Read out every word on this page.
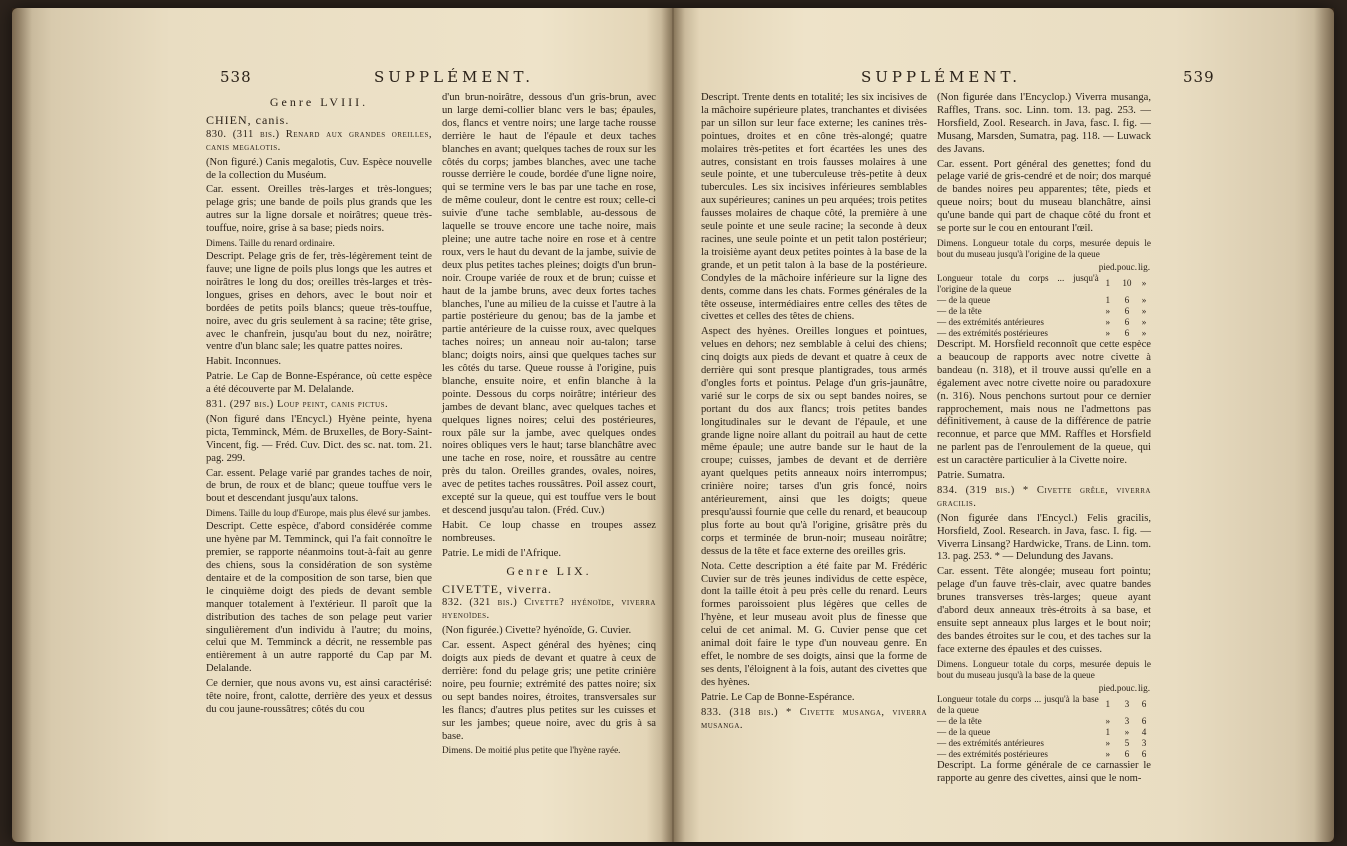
538	SUPPLÉMENT.

Genre LVIII.

CHIEN, canis.

830. (311 bis.) Renard aux grandes oreilles, canis megalotis.

(Non figuré.) Canis megalotis, Cuv. Espèce nouvelle de la collection du Muséum.

Car. essent. Oreilles très-larges et très-longues; pelage gris; une bande de poils plus grands que les autres sur la ligne dorsale et noirâtres; queue très-touffue, noire, grise à sa base; pieds noirs.

Dimens. Taille du renard ordinaire.

Descript. Pelage gris de fer, très-légèrement teint de fauve; une ligne de poils plus longs que les autres et noirâtres le long du dos; oreilles très-larges et très-longues, grises en dehors, avec le bout noir et bordées de petits poils blancs; queue très-touffue, noire, avec du gris seulement à sa racine; tête grise, avec le chanfrein, jusqu'au bout du nez, noirâtre; ventre d'un blanc sale; les quatre pattes noires.

Habit. Inconnues.

Patrie. Le Cap de Bonne-Espérance, où cette espèce a été découverte par M. Delalande.

831. (297 bis.) Loup peint, canis pictus.

(Non figuré dans l'Encycl.) Hyène peinte, hyena picta, Temminck, Mém. de Bruxelles, de Bory-Saint-Vincent, fig. — Fréd. Cuv. Dict. des sc. nat. tom. 21. pag. 299.

Car. essent. Pelage varié par grandes taches de noir, de brun, de roux et de blanc; queue touffue vers le bout et descendant jusqu'aux talons.

Dimens. Taille du loup d'Europe, mais plus élevé sur jambes.

Descript. Cette espèce, d'abord considérée comme une hyène par M. Temminck, qui l'a fait connoître le premier, se rapporte néanmoins tout-à-fait au genre des chiens, sous la considération de son système dentaire et de la composition de son tarse, bien que le cinquième doigt des pieds de devant semble manquer totalement à l'extérieur. Il paroît que la distribution des taches de son pelage peut varier singulièrement d'un individu à l'autre; du moins, celui que M. Temminck a décrit, ne ressemble pas entièrement à un autre rapporté du Cap par M. Delalande.

Ce dernier, que nous avons vu, est ainsi caractérisé: tête noire, front, calotte, derrière des yeux et dessus du cou jaune-roussâtres; côtés du cou

d'un brun-noirâtre, dessous d'un gris-brun, avec un large demi-collier blanc vers le bas; épaules, dos, flancs et ventre noirs; une large tache rousse derrière le haut de l'épaule et deux taches blanches en avant; quelques taches de roux sur les côtés du corps; jambes blanches, avec une tache rousse derrière le coude, bordée d'une ligne noire, qui se termine vers le bas par une tache en rose, de même couleur, dont le centre est roux; celle-ci suivie d'une tache semblable, au-dessous de laquelle se trouve encore une tache noire, mais pleine; une autre tache noire en rose et à centre roux, vers le haut du devant de la jambe, suivie de deux plus petites taches pleines; doigts d'un brun-noir. Croupe variée de roux et de brun; cuisse et haut de la jambe bruns, avec deux fortes taches blanches, l'une au milieu de la cuisse et l'autre à la partie postérieure du genou; bas de la jambe et partie antérieure de la cuisse roux, avec quelques taches noires; un anneau noir au-talon; tarse blanc; doigts noirs, ainsi que quelques taches sur les côtés du tarse. Queue rousse à l'origine, puis blanche, ensuite noire, et enfin blanche à la pointe. Dessous du corps noirâtre; intérieur des jambes de devant blanc, avec quelques taches et quelques lignes noires; celui des postérieures, roux pâle sur la jambe, avec quelques ondes noires obliques vers le haut; tarse blanchâtre avec une tache en rose, noire, et roussâtre au centre près du talon. Oreilles grandes, ovales, noires, avec de petites taches roussâtres. Poil assez court, excepté sur la queue, qui est touffue vers le bout et descend jusqu'au talon. (Fréd. Cuv.)

Habit. Ce loup chasse en troupes assez nombreuses.

Patrie. Le midi de l'Afrique.

Genre LIX.

CIVETTE, viverra.

832. (321 bis.) Civette? hyénoïde, viverra hyenoïdes.

(Non figurée.) Civette? hyénoïde, G. Cuvier.

Car. essent. Aspect général des hyènes; cinq doigts aux pieds de devant et quatre à ceux de derrière: fond du pelage gris; une petite crinière noire, peu fournie; extrémité des pattes noire; six ou sept bandes noires, étroites, transversales sur les flancs; d'autres plus petites sur les cuisses et sur les jambes; queue noire, avec du gris à sa base.

Dimens. De moitié plus petite que l'hyène rayée.

SUPPLÉMENT.	539

Descript. Trente dents en totalité; les six incisives de la mâchoire supérieure plates, tranchantes et divisées par un sillon sur leur face externe; les canines très-pointues, droites et en cône très-alongé; quatre molaires très-petites et fort écartées les unes des autres, consistant en trois fausses molaires à une seule pointe, et une tuberculeuse très-petite à deux tubercules. Les six incisives inférieures semblables aux supérieures; canines un peu arquées; trois petites fausses molaires de chaque côté, la première à une seule pointe et une seule racine; la seconde à deux racines, une seule pointe et un petit talon postérieur; la troisième ayant deux petites pointes à la base de la grande, et un petit talon à la base de la postérieure. Condyles de la mâchoire inférieure sur la ligne des dents, comme dans les chats. Formes générales de la tête osseuse, intermédiaires entre celles des têtes de civettes et celles des têtes de chiens.

Aspect des hyènes. Oreilles longues et pointues, velues en dehors; nez semblable à celui des chiens; cinq doigts aux pieds de devant et quatre à ceux de derrière qui sont presque plantigrades, tous armés d'ongles forts et pointus. Pelage d'un gris-jaunâtre, varié sur le corps de six ou sept bandes noires, se portant du dos aux flancs; trois petites bandes longitudinales sur le devant de l'épaule, et une grande ligne noire allant du poitrail au haut de cette même épaule; une autre bande sur le haut de la croupe; cuisses, jambes de devant et de derrière ayant quelques petits anneaux noirs interrompus; crinière noire; tarses d'un gris foncé, noirs antérieurement, ainsi que les doigts; queue presqu'aussi fournie que celle du renard, et beaucoup plus forte au bout qu'à l'origine, grisâtre près du corps et terminée de brun-noir; museau noirâtre; dessus de la tête et face externe des oreilles gris.

Nota. Cette description a été faite par M. Frédéric Cuvier sur de très jeunes individus de cette espèce, dont la taille étoit à peu près celle du renard. Leurs formes paroissoient plus légères que celles de l'hyène, et leur museau avoit plus de finesse que celui de cet animal. M. G. Cuvier pense que cet animal doit faire le type d'un nouveau genre. En effet, le nombre de ses doigts, ainsi que la forme de ses dents, l'éloignent à la fois, autant des civettes que des hyènes.

Patrie. Le Cap de Bonne-Espérance.

833. (318 bis.) * Civette musanga, viverra musanga.

(Non figurée dans l'Encyclop.) Viverra musanga, Raffles, Trans. soc. Linn. tom. 13. pag. 253. — Horsfield, Zool. Research. in Java, fasc. I. fig. — Musang, Marsden, Sumatra, pag. 118. — Luwack des Javans.

Car. essent. Port général des genettes; fond du pelage varié de gris-cendré et de noir; dos marqué de bandes noires peu apparentes; tête, pieds et queue noirs; bout du museau blanchâtre, ainsi qu'une bande qui part de chaque côté du front et se porte sur le cou en entourant l'œil.

Dimens. Longueur totale du corps, mesurée depuis le bout du museau jusqu'à l'origine de la queue

	pied.	pouc.	lig.
Longueur totale du corps ... jusqu'à l'origine de la queue	1	10	»
— de la queue	1	6	»
— de la tête	»	6	»
— des extrémités antérieures	»	6	»
— des extrémités postérieures	»	6	»

Descript. M. Horsfield reconnoît que cette espèce a beaucoup de rapports avec notre civette à bandeau (n. 318), et il trouve aussi qu'elle en a également avec notre civette noire ou paradoxure (n. 316). Nous penchons surtout pour ce dernier rapprochement, mais nous ne l'admettons pas définitivement, à cause de la différence de patrie reconnue, et parce que MM. Raffles et Horsfield ne parlent pas de l'enroulement de la queue, qui est un caractère particulier à la Civette noire.

Patrie. Sumatra.

834. (319 bis.) * Civette grêle, viverra gracilis.

(Non figurée dans l'Encycl.) Felis gracilis, Horsfield, Zool. Research. in Java, fasc. I. fig. — Viverra Linsang? Hardwicke, Trans. de Linn. tom. 13. pag. 253. * — Delundung des Javans.

Car. essent. Tête alongée; museau fort pointu; pelage d'un fauve très-clair, avec quatre bandes brunes transverses très-larges; queue ayant d'abord deux anneaux très-étroits à sa base, et ensuite sept anneaux plus larges et le bout noir; des bandes étroites sur le cou, et des taches sur la face externe des épaules et des cuisses.

Dimens. Longueur totale du corps, mesurée depuis le bout du museau jusqu'à la base de la queue

	pied.	pouc.	lig.
Longueur totale du corps ... jusqu'à la base de la queue	1	3	6
— de la tête	»	3	6
— de la queue	1	»	4
— des extrémités antérieures	»	5	3
— des extrémités postérieures	»	6	6

Descript. La forme générale de ce carnassier le rapporte au genre des civettes, ainsi que le nom-
